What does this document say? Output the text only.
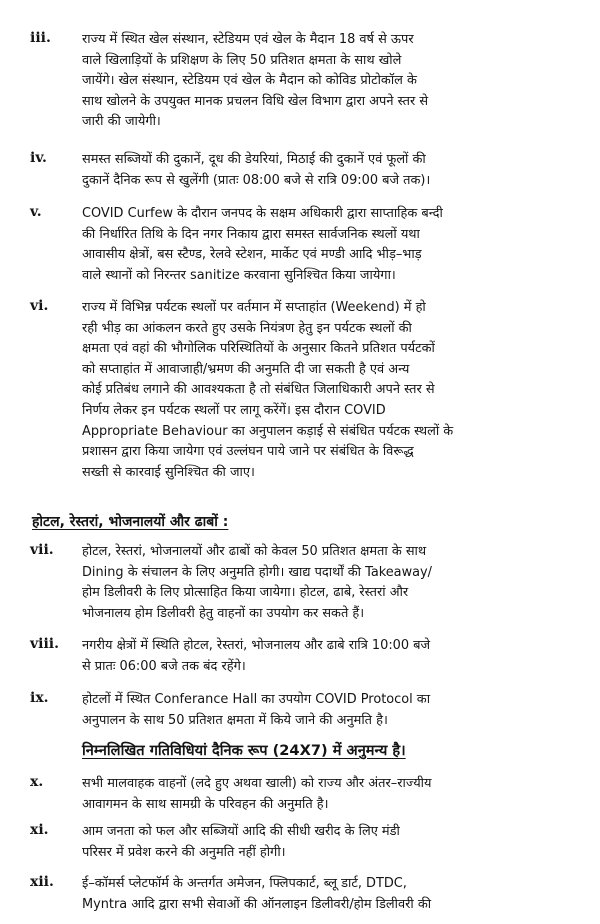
iii.	राज्य में स्थित खेल संस्थान, स्टेडियम एवं खेल के मैदान 18 वर्ष से ऊपर
वाले खिलाड़ियों के प्रशिक्षण के लिए 50 प्रतिशत क्षमता के साथ खोले
जायेंगे। खेल संस्थान, स्टेडियम एवं खेल के मैदान को कोविड प्रोटोकॉल के
साथ खोलने के उपयुक्त मानक प्रचलन विधि खेल विभाग द्वारा अपने स्तर से
जारी की जायेगी।
iv.	समस्त सब्जियों की दुकानें, दूध की डेयरियां, मिठाई की दुकानें एवं फूलों की
दुकानें दैनिक रूप से खुलेंगी (प्रातः 08:00 बजे से रात्रि 09:00 बजे तक)।
v.	COVID Curfew के दौरान जनपद के सक्षम अधिकारी द्वारा साप्ताहिक बन्दी
की निर्धारित तिथि के दिन नगर निकाय द्वारा समस्त सार्वजनिक स्थलों यथा
आवासीय क्षेत्रों, बस स्टैण्ड, रेलवे स्टेशन, मार्केट एवं मण्डी आदि भीड़–भाड़
वाले स्थानों को निरन्तर sanitize करवाना सुनिश्चित किया जायेगा।
vi.	राज्य में विभिन्न पर्यटक स्थलों पर वर्तमान में सप्ताहांत (Weekend) में हो
रही भीड़ का आंकलन करते हुए उसके नियंत्रण हेतु इन पर्यटक स्थलों की
क्षमता एवं वहां की भौगोलिक परिस्थितियों के अनुसार कितने प्रतिशत पर्यटकों
को सप्ताहांत में आवाजाही/भ्रमण की अनुमति दी जा सकती है एवं अन्य
कोई प्रतिबंध लगाने की आवश्यकता है तो संबंधित जिलाधिकारी अपने स्तर से
निर्णय लेकर इन पर्यटक स्थलों पर लागू करेंगें। इस दौरान COVID
Appropriate Behaviour का अनुपालन कड़ाई से संबंधित पर्यटक स्थलों के
प्रशासन द्वारा किया जायेगा एवं उल्लंघन पाये जाने पर संबंधित के विरूद्ध
सख्ती से कारवाई सुनिश्चित की जाए।
होटल, रेस्तरां, भोजनालयों और ढाबों :
vii.	होटल, रेस्तरां, भोजनालयों और ढाबों को केवल 50 प्रतिशत क्षमता के साथ
Dining के संचालन के लिए अनुमति होगी। खाद्य पदार्थों की Takeaway/
होम डिलीवरी के लिए प्रोत्साहित किया जायेगा। होटल, ढाबे, रेस्तरां और
भोजनालय होम डिलीवरी हेतु वाहनों का उपयोग कर सकते हैं।
viii.	नगरीय क्षेत्रों में स्थिति होटल, रेस्तरां, भोजनालय और ढाबे रात्रि 10:00 बजे
से प्रातः 06:00 बजे तक बंद रहेंगे।
ix.	होटलों में स्थित Conferance Hall का उपयोग COVID Protocol का
अनुपालन के साथ 50 प्रतिशत क्षमता में किये जाने की अनुमति है।
निम्नलिखित गतिविधियां दैनिक रूप (24X7) में अनुमन्य है।
x.	सभी मालवाहक वाहनों (लदे हुए अथवा खाली) को राज्य और अंतर–राज्यीय
आवागमन के साथ सामग्री के परिवहन की अनुमति है।
xi.	आम जनता को फल और सब्जियों आदि की सीधी खरीद के लिए मंडी
परिसर में प्रवेश करने की अनुमति नहीं होगी।
xii.	ई–कॉमर्स प्लेटफॉर्म के अन्तर्गत अमेजन, फ्लिपकार्ट, ब्लू डार्ट, DTDC,
Myntra आदि द्वारा सभी सेवाओं की ऑनलाइन डिलीवरी/होम डिलीवरी की
